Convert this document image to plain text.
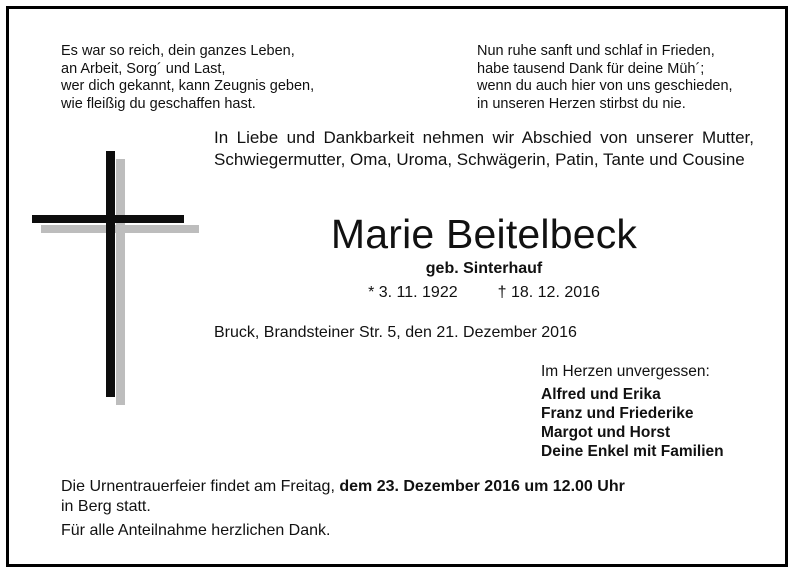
Es war so reich, dein ganzes Leben,
an Arbeit, Sorg´ und Last,
wer dich gekannt, kann Zeugnis geben,
wie fleißig du geschaffen hast.
Nun ruhe sanft und schlaf in Frieden,
habe tausend Dank für deine Müh´;
wenn du auch hier von uns geschieden,
in unseren Herzen stirbst du nie.

In Liebe und Dankbarkeit nehmen wir Abschied von unserer Mutter, Schwiegermutter, Oma, Uroma, Schwägerin, Patin, Tante und Cousine

Marie Beitelbeck
geb. Sinterhauf
* 3. 11. 1922	† 18. 12. 2016
Bruck, Brandsteiner Str. 5, den 21. Dezember 2016
Im Herzen unvergessen:
Alfred und Erika
Franz und Friederike
Margot und Horst
Deine Enkel mit Familien
Die Urnentrauerfeier findet am Freitag, dem 23. Dezember 2016 um 12.00 Uhr
in Berg statt.
Für alle Anteilnahme herzlichen Dank.
